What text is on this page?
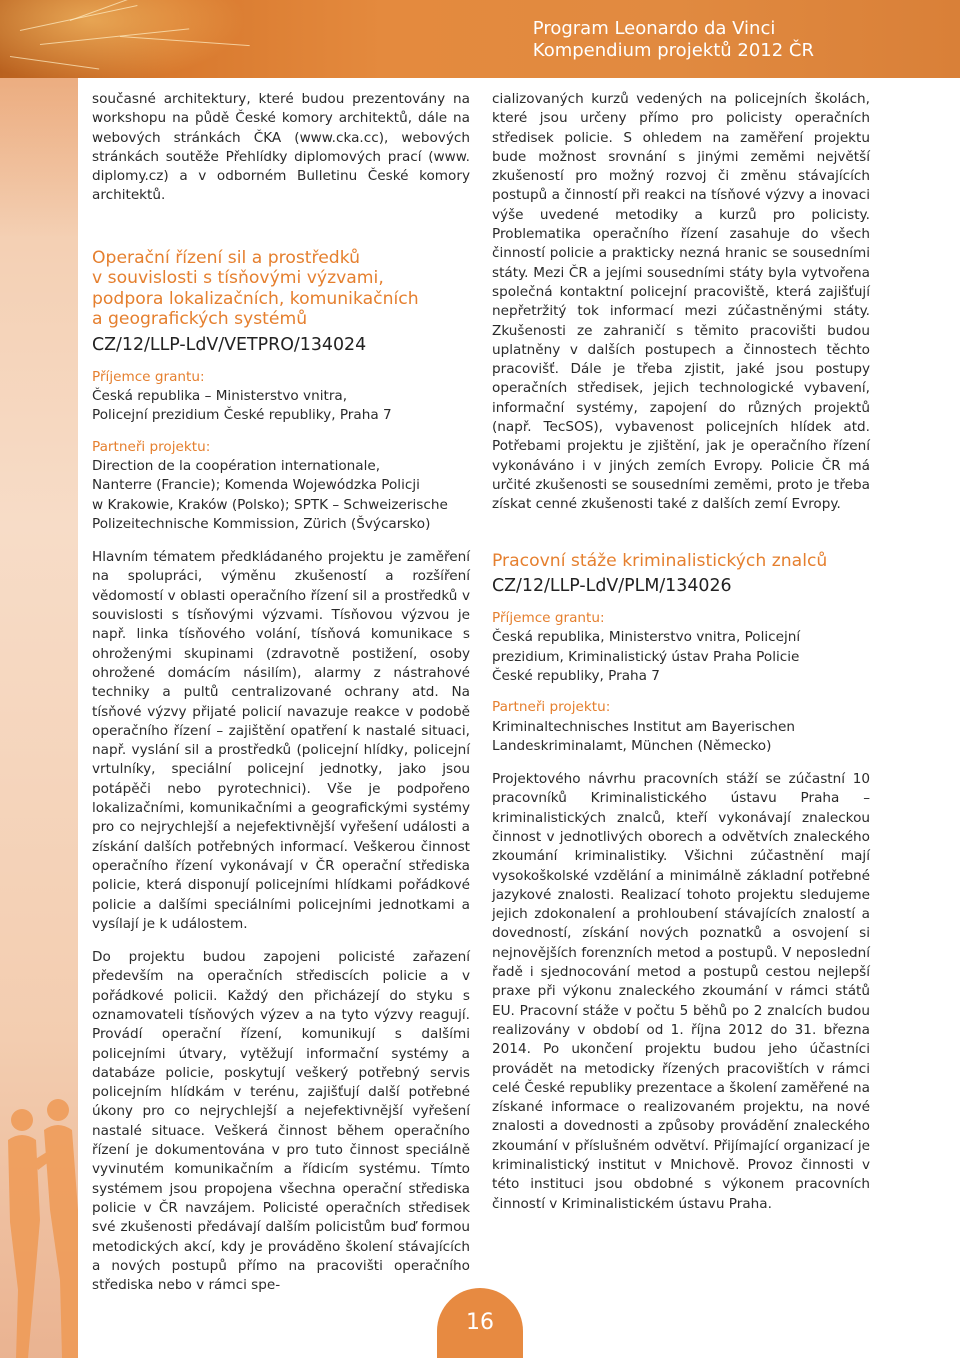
Program Leonardo da Vinci
Kompendium projektů 2012 ČR

současné architektury, které budou prezentovány na workshopu na půdě České komory architektů, dále na webových stránkách ČKA (www.cka.cc), webových stránkách soutěže Přehlídky diplomových prací (www. diplomy.cz) a v odborném Bulletinu České komory architektů.

Operační řízení sil a prostředků
v souvislosti s tísňovými výzvami,
podpora lokalizačních, komunikačních
a geografických systémů
CZ/12/LLP-LdV/VETPRO/134024
Příjemce grantu:
Česká republika – Ministerstvo vnitra,
Policejní prezidium České republiky, Praha 7
Partneři projektu:
Direction de la coopération internationale,
Nanterre (Francie); Komenda Wojewódzka Policji
w Krakowie, Kraków (Polsko); SPTK – Schweizerische
Polizeitechnische Kommission, Zürich (Švýcarsko)

Hlavním tématem předkládaného projektu je zaměření na spolupráci, výměnu zkušeností a rozšíření vědomostí v oblasti operačního řízení sil a prostředků v souvislosti s tísňovými výzvami. Tísňovou výzvou je např. linka tísňového volání, tísňová komunikace s ohroženými skupinami (zdravotně postižení, osoby ohrožené domácím násilím), alarmy z nástrahové techniky a pultů centralizované ochrany atd. Na tísňové výzvy přijaté policií navazuje reakce v podobě operačního řízení – zajištění opatření k nastalé situaci, např. vyslání sil a prostředků (policejní hlídky, policejní vrtulníky, speciální policejní jednotky, jako jsou potápěči nebo pyrotechnici). Vše je podpořeno lokalizačními, komunikačními a geografickými systémy pro co nejrychlejší a nejefektivnější vyřešení události a získání dalších potřebných informací. Veškerou činnost operačního řízení vykonávají v ČR operační střediska policie, která disponují policejními hlídkami pořádkové policie a dalšími speciálními policejními jednotkami a vysílají je k událostem.

Do projektu budou zapojeni policisté zařazení především na operačních střediscích policie a v pořádkové policii. Každý den přicházejí do styku s oznamovateli tísňových výzev a na tyto výzvy reagují. Provádí operační řízení, komunikují s dalšími policejními útvary, vytěžují informační systémy a databáze policie, poskytují veškerý potřebný servis policejním hlídkám v terénu, zajišťují další potřebné úkony pro co nejrychlejší a nejefektivnější vyřešení nastalé situace. Veškerá činnost během operačního řízení je dokumentována v pro tuto činnost speciálně vyvinutém komunikačním a řídicím systému. Tímto systémem jsou propojena všechna operační střediska policie v ČR navzájem. Policisté operačních středisek své zkušenosti předávají dalším policistům buď formou metodických akcí, kdy je prováděno školení stávajících a nových postupů přímo na pracovišti operačního střediska nebo v rámci spe-

cializovaných kurzů vedených na policejních školách, které jsou určeny přímo pro policisty operačních středisek policie. S ohledem na zaměření projektu bude možnost srovnání s jinými zeměmi největší zkušeností pro možný rozvoj či změnu stávajících postupů a činností při reakci na tísňové výzvy a inovaci výše uvedené metodiky a kurzů pro policisty. Problematika operačního řízení zasahuje do všech činností policie a prakticky nezná hranic se sousedními státy. Mezi ČR a jejími sousedními státy byla vytvořena společná kontaktní policejní pracoviště, která zajišťují nepřetržitý tok informací mezi zúčastněnými státy. Zkušenosti ze zahraničí s těmito pracovišti budou uplatněny v dalších postupech a činnostech těchto pracovišť. Dále je třeba zjistit, jaké jsou postupy operačních středisek, jejich technologické vybavení, informační systémy, zapojení do různých projektů (např. TecSOS), vybavenost policejních hlídek atd. Potřebami projektu je zjištění, jak je operačního řízení vykonáváno i v jiných zemích Evropy. Policie ČR má určité zkušenosti se sousedními zeměmi, proto je třeba získat cenné zkušenosti také z dalších zemí Evropy.

Pracovní stáže kriminalistických znalců
CZ/12/LLP-LdV/PLM/134026
Příjemce grantu:
Česká republika, Ministerstvo vnitra, Policejní
prezidium, Kriminalistický ústav Praha Policie
České republiky, Praha 7
Partneři projektu:
Kriminaltechnisches Institut am Bayerischen
Landeskriminalamt, München (Německo)

Projektového návrhu pracovních stáží se zúčastní 10 pracovníků Kriminalistického ústavu Praha – kriminalistických znalců, kteří vykonávají znaleckou činnost v jednotlivých oborech a odvětvích znaleckého zkoumání kriminalistiky. Všichni zúčastnění mají vysokoškolské vzdělání a minimálně základní potřebné jazykové znalosti. Realizací tohoto projektu sledujeme jejich zdokonalení a prohloubení stávajících znalostí a dovedností, získání nových poznatků a osvojení si nejnovějších forenzních metod a postupů. V neposlední řadě i sjednocování metod a postupů cestou nejlepší praxe při výkonu znaleckého zkoumání v rámci států EU. Pracovní stáže v počtu 5 běhů po 2 znalcích budou realizovány v období od 1. října 2012 do 31. března 2014. Po ukončení projektu budou jeho účastníci provádět na metodicky řízených pracovištích v rámci celé České republiky prezentace a školení zaměřené na získané informace o realizovaném projektu, na nové znalosti a dovednosti a způsoby provádění znaleckého zkoumání v příslušném odvětví. Přijímající organizací je kriminalistický institut v Mnichově. Provoz činnosti v této instituci jsou obdobné s výkonem pracovních činností v Kriminalistickém ústavu Praha.

16
